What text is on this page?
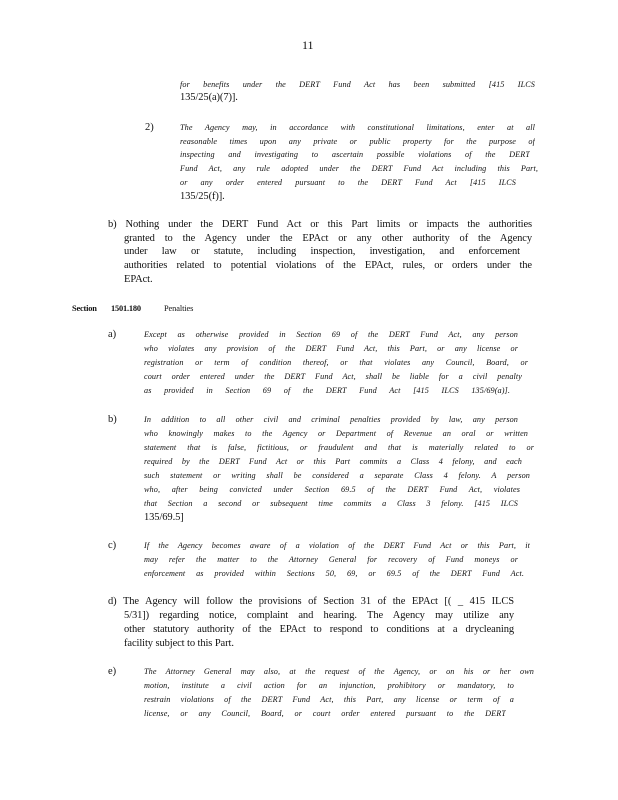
11
for benefits under the DERT Fund Act has been submitted [415 ILCS
135/25(a)(7)].
The Agency may, in accordance with constitutional limitations, enter at all
reasonable times upon any private or public property for the purpose of
inspecting and investigating to ascertain possible violations of the DERT
Fund Act, any rule adopted under the DERT Fund Act including this Part,
or any order entered pursuant to the DERT Fund Act [415 ILCS
135/25(f)].
b) Nothing under the DERT Fund Act or this Part limits or impacts the authorities
granted to the Agency under the EPAct or any other authority of the Agency
under law or statute, including inspection, investigation, and enforcement
authorities related to potential violations of the EPAct, rules, or orders under the
EPAct.
Except as otherwise provided in Section 69 of the DERT Fund Act, any person
who violates any provision of the DERT Fund Act, this Part, or any license or
registration or term of condition thereof, or that violates any Council, Board, or
court order entered under the DERT Fund Act, shall be liable for a civil penalty
as provided in Section 69 of the DERT Fund Act [415 ILCS 135/69(a)].
In addition to all other civil and criminal penalties provided by law, any person
who knowingly makes to the Agency or Department of Revenue an oral or written
statement that is false, fictitious, or fraudulent and that is materially related to or
required by the DERT Fund Act or this Part commits a Class 4 felony, and each
such statement or writing shall be considered a separate Class 4 felony. A person
who, after being convicted under Section 69.5 of the DERT Fund Act, violates
that Section a second or subsequent time commits a Class 3 felony. [415 ILCS
135/69.5]
If the Agency becomes aware of a violation of the DERT Fund Act or this Part, it
may refer the matter to the Attorney General for recovery of Fund moneys or
enforcement as provided within Sections 50, 69, or 69.5 of the DERT Fund Act.
d) The Agency will follow the provisions of Section 31 of the EPAct [( _ 415 ILCS
5/31]) regarding notice, complaint and hearing. The Agency may utilize any
other statutory authority of the EPAct to respond to conditions at a drycleaning
facility subject to this Part.
The Attorney General may also, at the request of the Agency, or on his or her own
motion, institute a civil action for an injunction, prohibitory or mandatory, to
restrain violations of the DERT Fund Act, this Part, any license or term of a
license, or any Council, Board, or court order entered pursuant to the DERT
2)
a)
b)
c)
e)
Section 1501.180	Penalties
